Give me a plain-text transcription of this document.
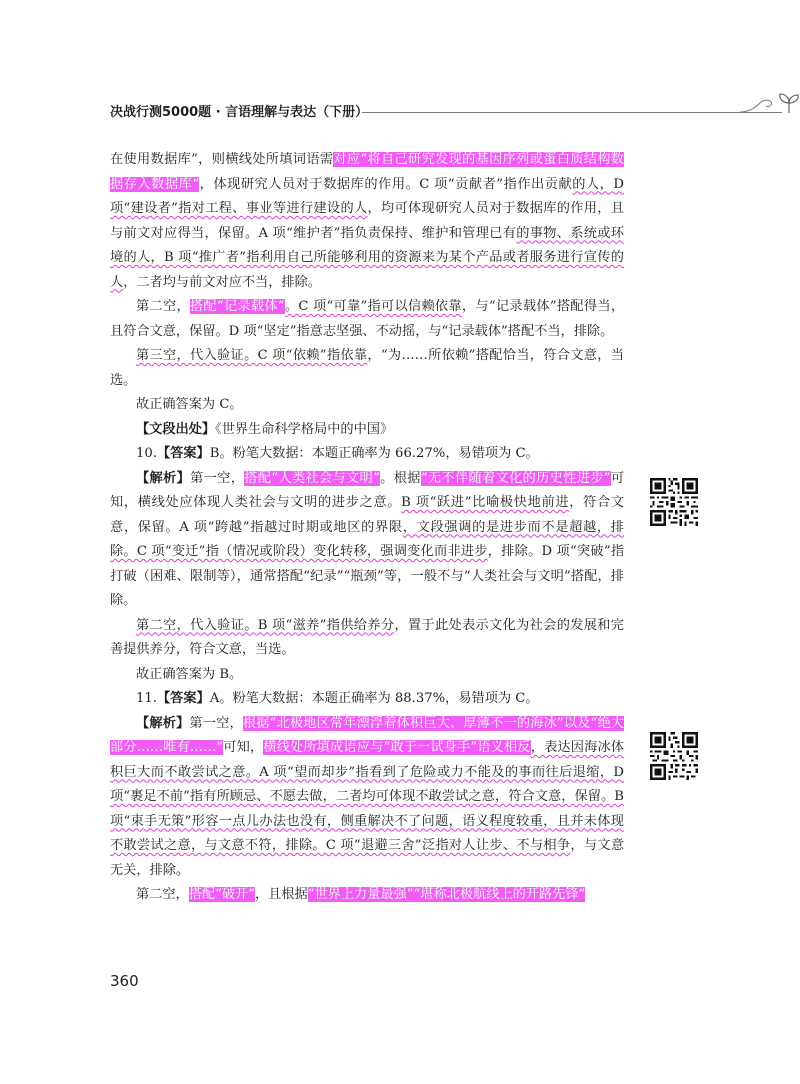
决战行测5000题 · 言语理解与表达（下册）

在使用数据库”，则横线处所填词语需对应“将自己研究发现的基因序列或蛋白质结构数据存入数据库”，体现研究人员对于数据库的作用。C 项“贡献者”指作出贡献的人，D 项“建设者”指对工程、事业等进行建设的人，均可体现研究人员对于数据库的作用，且与前文对应得当，保留。A 项“维护者”指负责保持、维护和管理已有的事物、系统或环境的人，B 项“推广者”指利用自己所能够利用的资源来为某个产品或者服务进行宣传的人，二者均与前文对应不当，排除。

第二空，搭配“记录载体”。C 项“可靠”指可以信赖依靠，与“记录载体”搭配得当，且符合文意，保留。D 项“坚定”指意志坚强、不动摇，与“记录载体”搭配不当，排除。

第三空，代入验证。C 项“依赖”指依靠，“为……所依赖”搭配恰当，符合文意，当选。

故正确答案为 C。

【文段出处】《世界生命科学格局中的中国》

10.【答案】B。粉笔大数据：本题正确率为 66.27%，易错项为 C。

【解析】第一空，搭配“人类社会与文明”。根据“无不伴随着文化的历史性进步”可知，横线处应体现人类社会与文明的进步之意。B 项“跃进”比喻极快地前进，符合文意，保留。A 项“跨越”指越过时期或地区的界限，文段强调的是进步而不是超越，排除。C 项“变迁”指（情况或阶段）变化转移，强调变化而非进步，排除。D 项“突破”指打破（困难、限制等），通常搭配“纪录”“瓶颈”等，一般不与“人类社会与文明”搭配，排除。

第二空，代入验证。B 项“滋养”指供给养分，置于此处表示文化为社会的发展和完善提供养分，符合文意，当选。

故正确答案为 B。

11.【答案】A。粉笔大数据：本题正确率为 88.37%，易错项为 C。

【解析】第一空，根据“北极地区常年漂浮着体积巨大、厚薄不一的海冰”以及“绝大部分……唯有……”可知，横线处所填成语应与“敢于一试身手”语义相反，表达因海冰体积巨大而不敢尝试之意。A 项“望而却步”指看到了危险或力不能及的事而往后退缩，D 项“裹足不前”指有所顾忌、不愿去做，二者均可体现不敢尝试之意，符合文意，保留。B 项“束手无策”形容一点儿办法也没有，侧重解决不了问题，语义程度较重，且并未体现不敢尝试之意，与文意不符，排除。C 项“退避三舍”泛指对人让步、不与相争，与文意无关，排除。

第二空，搭配“破开”，且根据“世界上力量最强”“堪称北极航线上的开路先锋”

360
